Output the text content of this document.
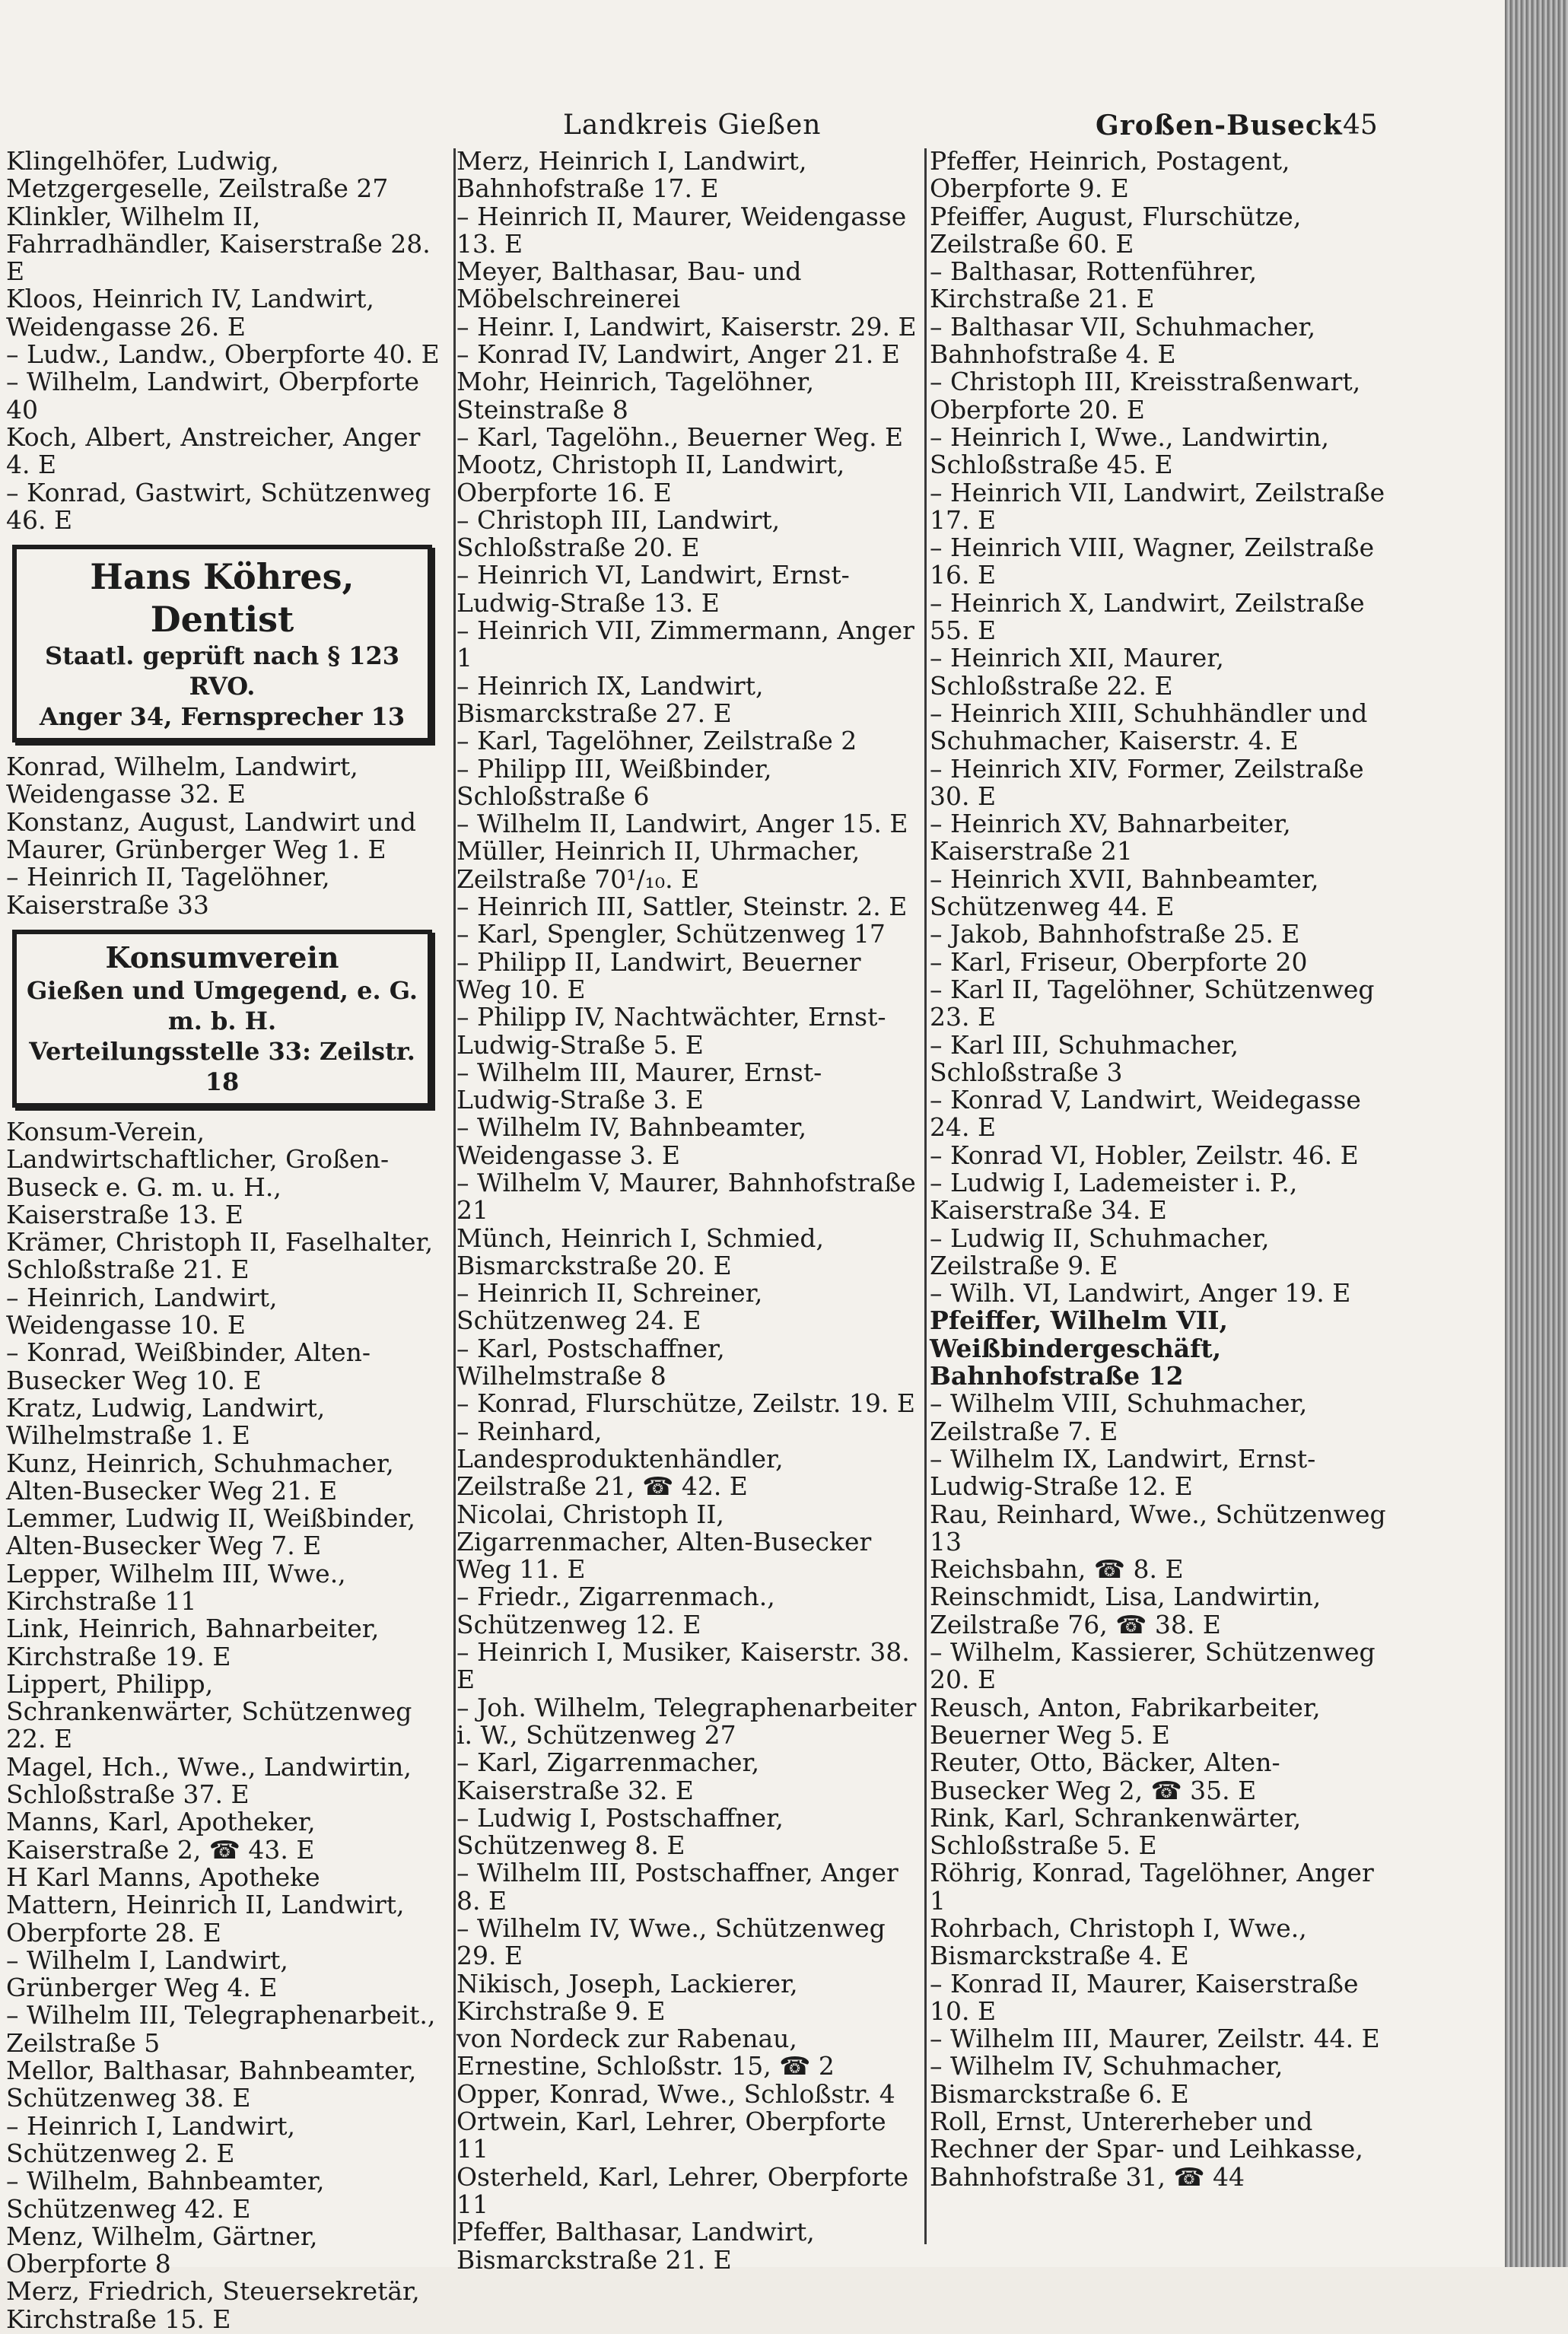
Landkreis Gießen	Großen-Buseck 45

Klingelhöfer, Ludwig, Metzgergeselle, Zeilstraße 27

Klinkler, Wilhelm II, Fahrradhändler, Kaiserstraße 28. E

Kloos, Heinrich IV, Landwirt, Weidengasse 26. E

– Ludw., Landw., Oberpforte 40. E

– Wilhelm, Landwirt, Oberpforte 40

Koch, Albert, Anstreicher, Anger 4. E

– Konrad, Gastwirt, Schützenweg 46. E

Hans Köhres, Dentist
Staatl. geprüft nach § 123 RVO.
Anger 34, Fernsprecher 13

Konrad, Wilhelm, Landwirt, Weidengasse 32. E

Konstanz, August, Landwirt und Maurer, Grünberger Weg 1. E

– Heinrich II, Tagelöhner, Kaiserstraße 33

Konsumverein
Gießen und Umgegend, e. G. m. b. H.
Verteilungsstelle 33: Zeilstr. 18

Konsum-Verein, Landwirtschaftlicher, Großen-Buseck e. G. m. u. H., Kaiserstraße 13. E

Krämer, Christoph II, Faselhalter, Schloßstraße 21. E

– Heinrich, Landwirt, Weidengasse 10. E

– Konrad, Weißbinder, Alten-Busecker Weg 10. E

Kratz, Ludwig, Landwirt, Wilhelmstraße 1. E

Kunz, Heinrich, Schuhmacher, Alten-Busecker Weg 21. E

Lemmer, Ludwig II, Weißbinder, Alten-Busecker Weg 7. E

Lepper, Wilhelm III, Wwe., Kirchstraße 11

Link, Heinrich, Bahnarbeiter, Kirchstraße 19. E

Lippert, Philipp, Schrankenwärter, Schützenweg 22. E

Magel, Hch., Wwe., Landwirtin, Schloßstraße 37. E

Manns, Karl, Apotheker, Kaiserstraße 2, ☎ 43. E

H Karl Manns, Apotheke

Mattern, Heinrich II, Landwirt, Oberpforte 28. E

– Wilhelm I, Landwirt, Grünberger Weg 4. E

– Wilhelm III, Telegraphenarbeit., Zeilstraße 5

Mellor, Balthasar, Bahnbeamter, Schützenweg 38. E

– Heinrich I, Landwirt, Schützenweg 2. E

– Wilhelm, Bahnbeamter, Schützenweg 42. E

Menz, Wilhelm, Gärtner, Oberpforte 8

Merz, Friedrich, Steuersekretär, Kirchstraße 15. E

Merz, Heinrich I, Landwirt, Bahnhofstraße 17. E

– Heinrich II, Maurer, Weidengasse 13. E

Meyer, Balthasar, Bau- und Möbelschreinerei

– Heinr. I, Landwirt, Kaiserstr. 29. E

– Konrad IV, Landwirt, Anger 21. E

Mohr, Heinrich, Tagelöhner, Steinstraße 8

– Karl, Tagelöhn., Beuerner Weg. E

Mootz, Christoph II, Landwirt, Oberpforte 16. E

– Christoph III, Landwirt, Schloßstraße 20. E

– Heinrich VI, Landwirt, Ernst-Ludwig-Straße 13. E

– Heinrich VII, Zimmermann, Anger 1

– Heinrich IX, Landwirt, Bismarckstraße 27. E

– Karl, Tagelöhner, Zeilstraße 2

– Philipp III, Weißbinder, Schloßstraße 6

– Wilhelm II, Landwirt, Anger 15. E

Müller, Heinrich II, Uhrmacher, Zeilstraße 70¹/₁₀. E

– Heinrich III, Sattler, Steinstr. 2. E

– Karl, Spengler, Schützenweg 17

– Philipp II, Landwirt, Beuerner Weg 10. E

– Philipp IV, Nachtwächter, Ernst-Ludwig-Straße 5. E

– Wilhelm III, Maurer, Ernst-Ludwig-Straße 3. E

– Wilhelm IV, Bahnbeamter, Weidengasse 3. E

– Wilhelm V, Maurer, Bahnhofstraße 21

Münch, Heinrich I, Schmied, Bismarckstraße 20. E

– Heinrich II, Schreiner, Schützenweg 24. E

– Karl, Postschaffner, Wilhelmstraße 8

– Konrad, Flurschütze, Zeilstr. 19. E

– Reinhard, Landesproduktenhändler, Zeilstraße 21, ☎ 42. E

Nicolai, Christoph II, Zigarrenmacher, Alten-Busecker Weg 11. E

– Friedr., Zigarrenmach., Schützenweg 12. E

– Heinrich I, Musiker, Kaiserstr. 38. E

– Joh. Wilhelm, Telegraphenarbeiter i. W., Schützenweg 27

– Karl, Zigarrenmacher, Kaiserstraße 32. E

– Ludwig I, Postschaffner, Schützenweg 8. E

– Wilhelm III, Postschaffner, Anger 8. E

– Wilhelm IV, Wwe., Schützenweg 29. E

Nikisch, Joseph, Lackierer, Kirchstraße 9. E

von Nordeck zur Rabenau, Ernestine, Schloßstr. 15, ☎ 2

Opper, Konrad, Wwe., Schloßstr. 4

Ortwein, Karl, Lehrer, Oberpforte 11

Osterheld, Karl, Lehrer, Oberpforte 11

Pfeffer, Balthasar, Landwirt, Bismarckstraße 21. E

Pfeffer, Heinrich, Postagent, Oberpforte 9. E

Pfeiffer, August, Flurschütze, Zeilstraße 60. E

– Balthasar, Rottenführer, Kirchstraße 21. E

– Balthasar VII, Schuhmacher, Bahnhofstraße 4. E

– Christoph III, Kreisstraßenwart, Oberpforte 20. E

– Heinrich I, Wwe., Landwirtin, Schloßstraße 45. E

– Heinrich VII, Landwirt, Zeilstraße 17. E

– Heinrich VIII, Wagner, Zeilstraße 16. E

– Heinrich X, Landwirt, Zeilstraße 55. E

– Heinrich XII, Maurer, Schloßstraße 22. E

– Heinrich XIII, Schuhhändler und Schuhmacher, Kaiserstr. 4. E

– Heinrich XIV, Former, Zeilstraße 30. E

– Heinrich XV, Bahnarbeiter, Kaiserstraße 21

– Heinrich XVII, Bahnbeamter, Schützenweg 44. E

– Jakob, Bahnhofstraße 25. E

– Karl, Friseur, Oberpforte 20

– Karl II, Tagelöhner, Schützenweg 23. E

– Karl III, Schuhmacher, Schloßstraße 3

– Konrad V, Landwirt, Weidegasse 24. E

– Konrad VI, Hobler, Zeilstr. 46. E

– Ludwig I, Lademeister i. P., Kaiserstraße 34. E

– Ludwig II, Schuhmacher, Zeilstraße 9. E

– Wilh. VI, Landwirt, Anger 19. E

Pfeiffer, Wilhelm VII, Weißbindergeschäft, Bahnhofstraße 12

– Wilhelm VIII, Schuhmacher, Zeilstraße 7. E

– Wilhelm IX, Landwirt, Ernst-Ludwig-Straße 12. E

Rau, Reinhard, Wwe., Schützenweg 13

Reichsbahn, ☎ 8. E

Reinschmidt, Lisa, Landwirtin, Zeilstraße 76, ☎ 38. E

– Wilhelm, Kassierer, Schützenweg 20. E

Reusch, Anton, Fabrikarbeiter, Beuerner Weg 5. E

Reuter, Otto, Bäcker, Alten-Busecker Weg 2, ☎ 35. E

Rink, Karl, Schrankenwärter, Schloßstraße 5. E

Röhrig, Konrad, Tagelöhner, Anger 1

Rohrbach, Christoph I, Wwe., Bismarckstraße 4. E

– Konrad II, Maurer, Kaiserstraße 10. E

– Wilhelm III, Maurer, Zeilstr. 44. E

– Wilhelm IV, Schuhmacher, Bismarckstraße 6. E

Roll, Ernst, Untererheber und Rechner der Spar- und Leihkasse, Bahnhofstraße 31, ☎ 44
